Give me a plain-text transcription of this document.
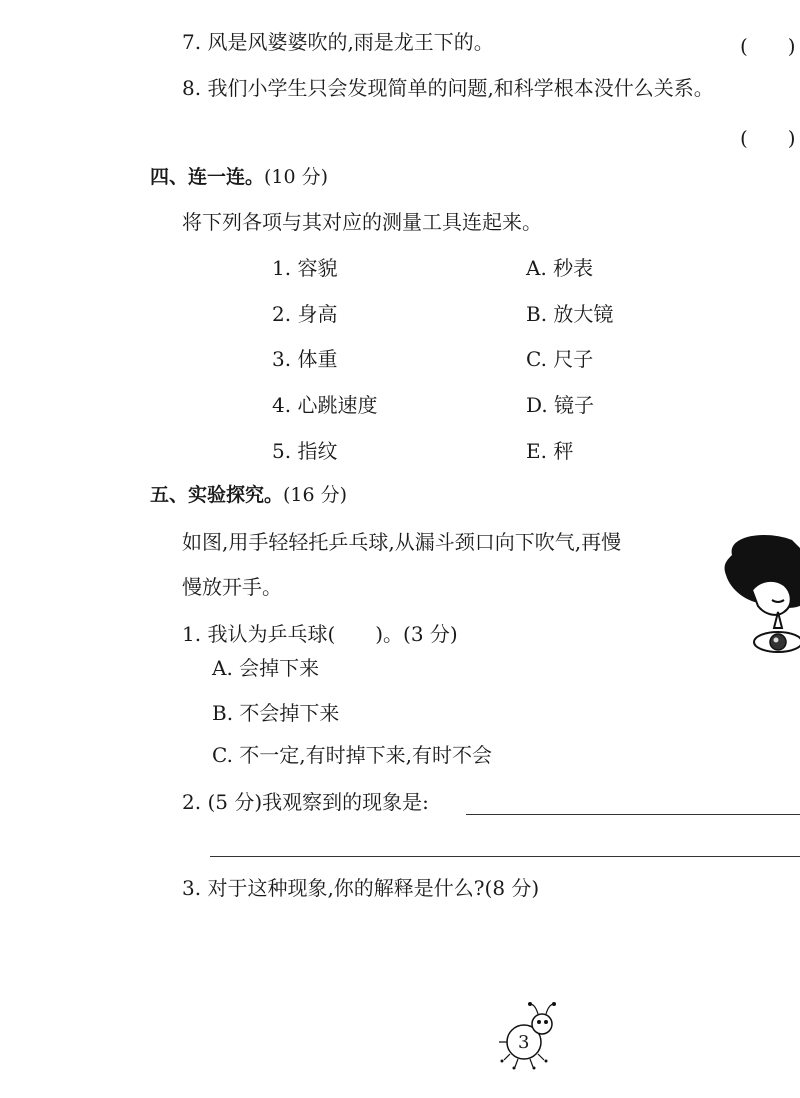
7. 风是风婆婆吹的,雨是龙王下的。	(　　)
8. 我们小学生只会发现简单的问题,和科学根本没什么关系。
(　　)
四、连一连。(10 分)
将下列各项与其对应的测量工具连起来。
1. 容貌
2. 身高
3. 体重
4. 心跳速度
5. 指纹
A. 秒表
B. 放大镜
C. 尺子
D. 镜子
E. 秤
五、实验探究。(16 分)
如图,用手轻轻托乒乓球,从漏斗颈口向下吹气,再慢
慢放开手。
1. 我认为乒乓球(　　)。(3 分)
A. 会掉下来
B. 不会掉下来
C. 不一定,有时掉下来,有时不会
2. (5 分)我观察到的现象是:
3. 对于这种现象,你的解释是什么?(8 分)
3
